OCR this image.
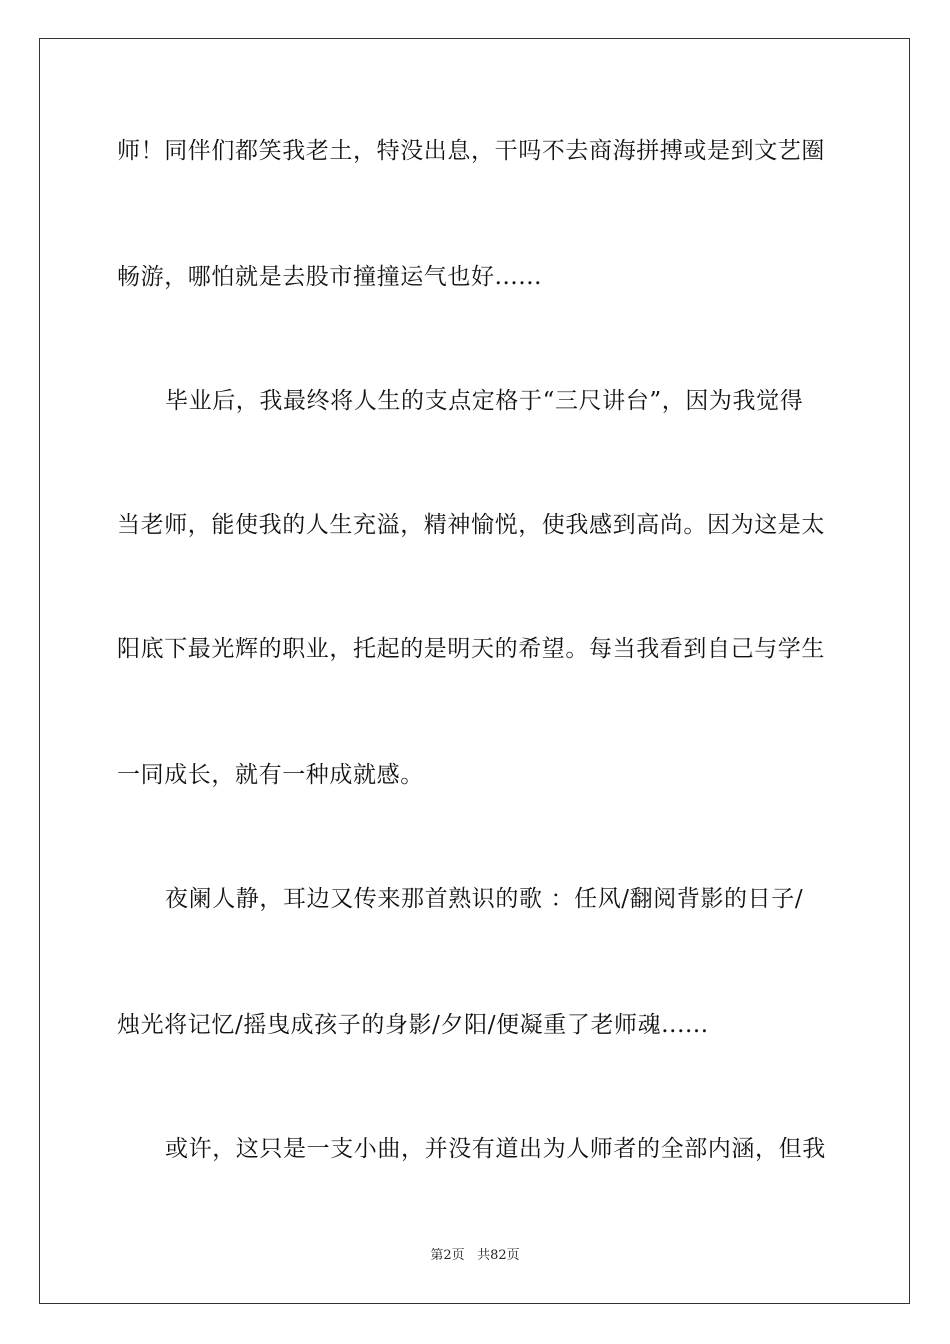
师！同伴们都笑我老土，特没出息，干吗不去商海拼搏或是到文艺圈
畅游，哪怕就是去股市撞撞运气也好......
毕业后，我最终将人生的支点定格于“三尺讲台”，因为我觉得
当老师，能使我的人生充溢，精神愉悦，使我感到高尚。因为这是太
阳底下最光辉的职业，托起的是明天的希望。每当我看到自己与学生
一同成长，就有一种成就感。
夜阑人静，耳边又传来那首熟识的歌 ：任风/翻阅背影的日子/
烛光将记忆/摇曳成孩子的身影/夕阳/便凝重了老师魂......
或许，这只是一支小曲，并没有道出为人师者的全部内涵，但我
第2页 共82页
